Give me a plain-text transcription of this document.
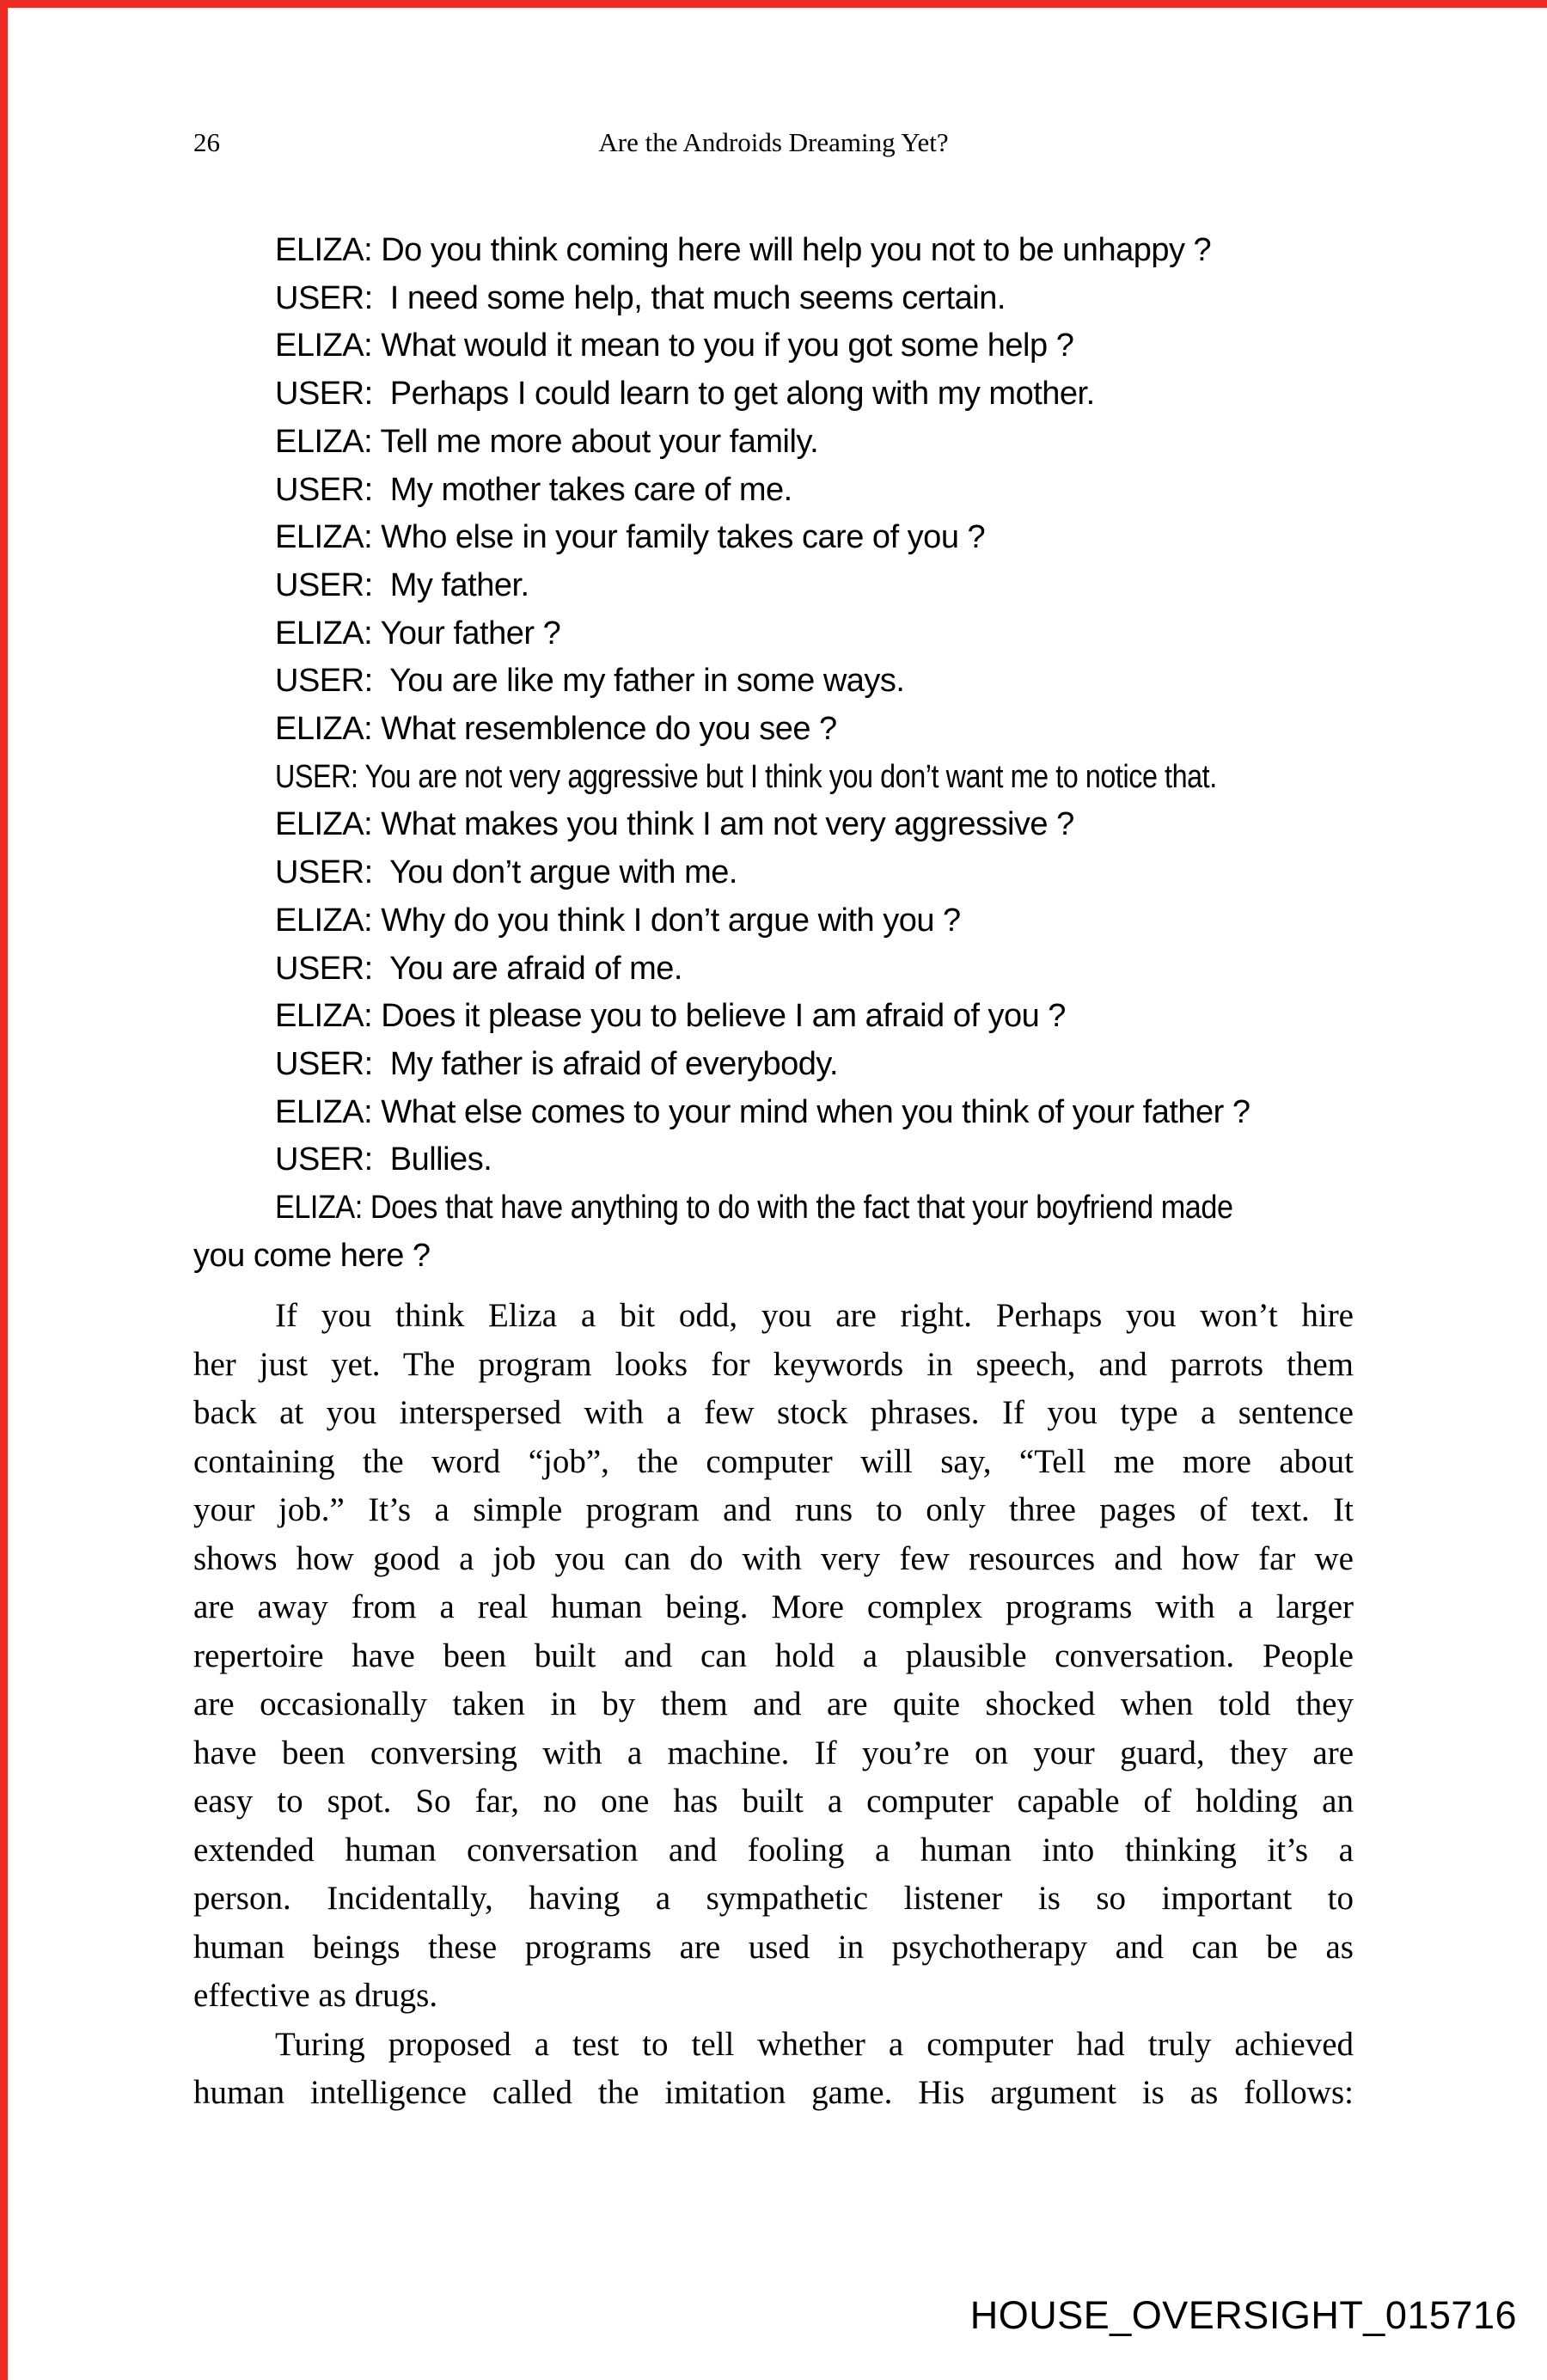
26	Are the Androids Dreaming Yet?
ELIZA: Do you think coming here will help you not to be unhappy ?
USER:  I need some help, that much seems certain.
ELIZA: What would it mean to you if you got some help ?
USER:  Perhaps I could learn to get along with my mother.
ELIZA: Tell me more about your family.
USER:  My mother takes care of me.
ELIZA: Who else in your family takes care of you ?
USER:  My father.
ELIZA: Your father ?
USER:  You are like my father in some ways.
ELIZA: What resemblence do you see ?
USER: You are not very aggressive but I think you don’t want me to notice that.
ELIZA: What makes you think I am not very aggressive ?
USER:  You don’t argue with me.
ELIZA: Why do you think I don’t argue with you ?
USER:  You are afraid of me.
ELIZA: Does it please you to believe I am afraid of you ?
USER:  My father is afraid of everybody.
ELIZA: What else comes to your mind when you think of your father ?
USER:  Bullies.
ELIZA: Does that have anything to do with the fact that your boyfriend made
you come here ?
If you think Eliza a bit odd, you are right. Perhaps you won’t hire
her just yet. The program looks for keywords in speech, and parrots them
back at you interspersed with a few stock phrases. If you type a sentence
containing the word “job”, the computer will say, “Tell me more about
your job.” It’s a simple program and runs to only three pages of text. It
shows how good a job you can do with very few resources and how far we
are away from a real human being. More complex programs with a larger
repertoire have been built and can hold a plausible conversation. People
are occasionally taken in by them and are quite shocked when told they
have been conversing with a machine. If you’re on your guard, they are
easy to spot. So far, no one has built a computer capable of holding an
extended human conversation and fooling a human into thinking it’s a
person. Incidentally, having a sympathetic listener is so important to
human beings these programs are used in psychotherapy and can be as
effective as drugs.
Turing proposed a test to tell whether a computer had truly achieved
human intelligence called the imitation game. His argument is as follows:
HOUSE_OVERSIGHT_015716
